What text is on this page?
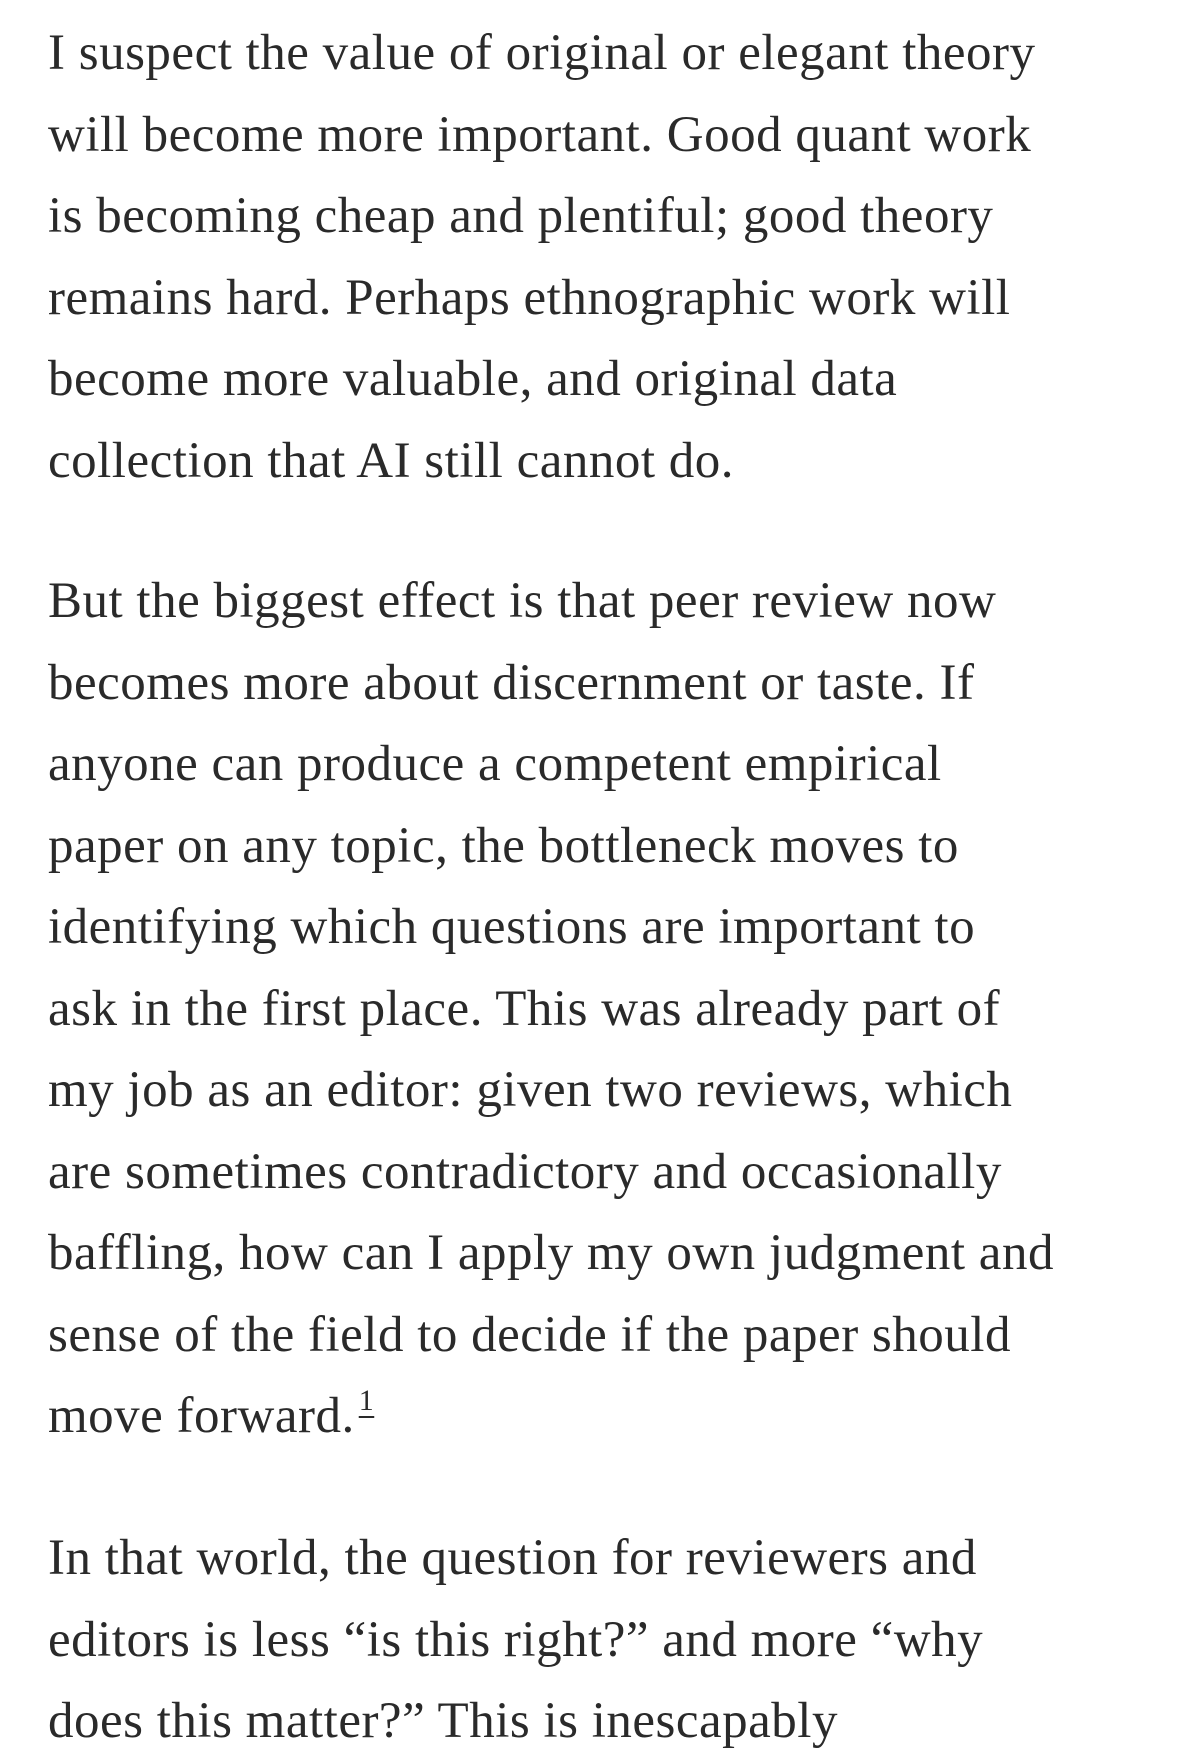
I suspect the value of original or elegant theory
will become more important. Good quant work
is becoming cheap and plentiful; good theory
remains hard. Perhaps ethnographic work will
become more valuable, and original data
collection that AI still cannot do.

But the biggest effect is that peer review now
becomes more about discernment or taste. If
anyone can produce a competent empirical
paper on any topic, the bottleneck moves to
identifying which questions are important to
ask in the first place. This was already part of
my job as an editor: given two reviews, which
are sometimes contradictory and occasionally
baffling, how can I apply my own judgment and
sense of the field to decide if the paper should
move forward. 1

In that world, the question for reviewers and
editors is less “is this right?” and more “why
does this matter?” This is inescapably
